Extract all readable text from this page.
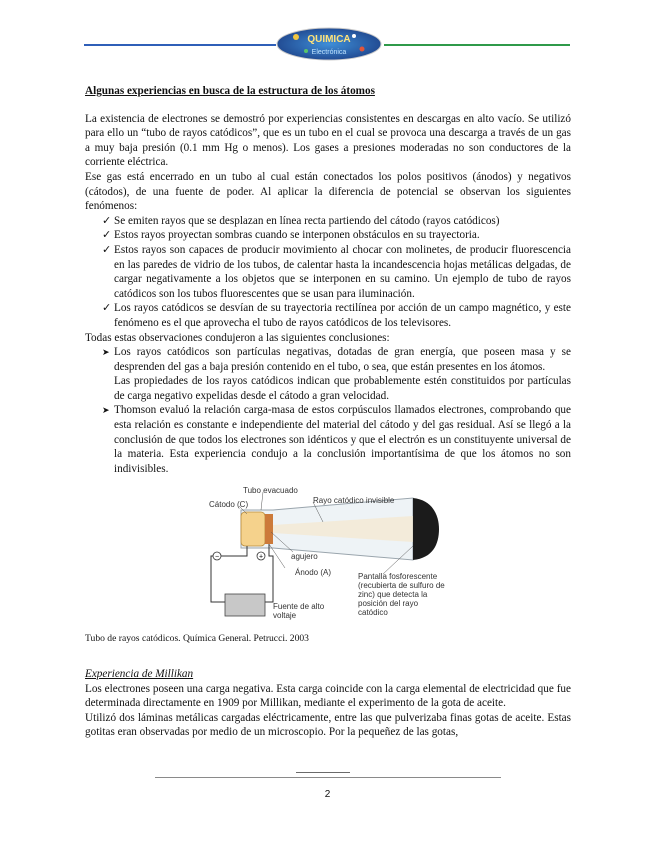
QUIMICA
Electrónica

Algunas experiencias en busca de la estructura de los átomos

La existencia de electrones se demostró por experiencias consistentes en descargas en alto vacío. Se utilizó para ello un “tubo de rayos catódicos”, que es un tubo en el cual se provoca una descarga a través de un gas a muy baja presión (0.1 mm Hg o menos). Los gases a presiones moderadas no son conductores de la corriente eléctrica.

Ese gas está encerrado en un tubo al cual están conectados los polos positivos (ánodos) y negativos (cátodos), de una fuente de poder. Al aplicar la diferencia de potencial se observan los siguientes fenómenos:

✓ Se emiten rayos que se desplazan en línea recta partiendo del cátodo (rayos catódicos)
✓ Estos rayos proyectan sombras cuando se interponen obstáculos en su trayectoria.
✓ Estos rayos son capaces de producir movimiento al chocar con molinetes, de producir fluorescencia en las paredes de vidrio de los tubos, de calentar hasta la incandescencia hojas metálicas delgadas, de cargar negativamente a los objetos que se interponen en su camino. Un ejemplo de tubo de rayos catódicos son los tubos fluorescentes que se usan para iluminación.
✓ Los rayos catódicos se desvían de su trayectoria rectilínea por acción de un campo magnético, y este fenómeno es el que aprovecha el tubo de rayos catódicos de los televisores.

Todas estas observaciones condujeron a las siguientes conclusiones:

➤ Los rayos catódicos son partículas negativas, dotadas de gran energía, que poseen masa y se desprenden del gas a baja presión contenido en el tubo, o sea, que están presentes en los átomos.
Las propiedades de los rayos catódicos indican que probablemente estén constituidos por partículas de carga negativo expelidas desde el cátodo a gran velocidad.
➤ Thomson evaluó la relación carga-masa de estos corpúsculos llamados electrones, comprobando que esta relación es constante e independiente del material del cátodo y del gas residual. Así se llegó a la conclusión de que todos los electrones son idénticos y que el electrón es un constituyente universal de la materia. Esta experiencia condujo a la conclusión importantísima de que los átomos no son indivisibles.
−	+
Tubo evacuado
Cátodo (C)	Rayo catódico invisible
agujero
Ánodo (A)	Pantalla fosforescente (recubierta de sulfuro de zinc) que detecta la posición del rayo catódico
Fuente de alto voltaje

Tubo de rayos catódicos. Química General. Petrucci. 2003

Experiencia de Millikan

Los electrones poseen una carga negativa. Esta carga coincide con la carga elemental de electricidad que fue determinada directamente en 1909 por Millikan, mediante el experimento de la gota de aceite.

Utilizó dos láminas metálicas cargadas eléctricamente, entre las que pulverizaba finas gotas de aceite. Estas gotitas eran observadas por medio de un microscopio. Por la pequeñez de las gotas,

2
